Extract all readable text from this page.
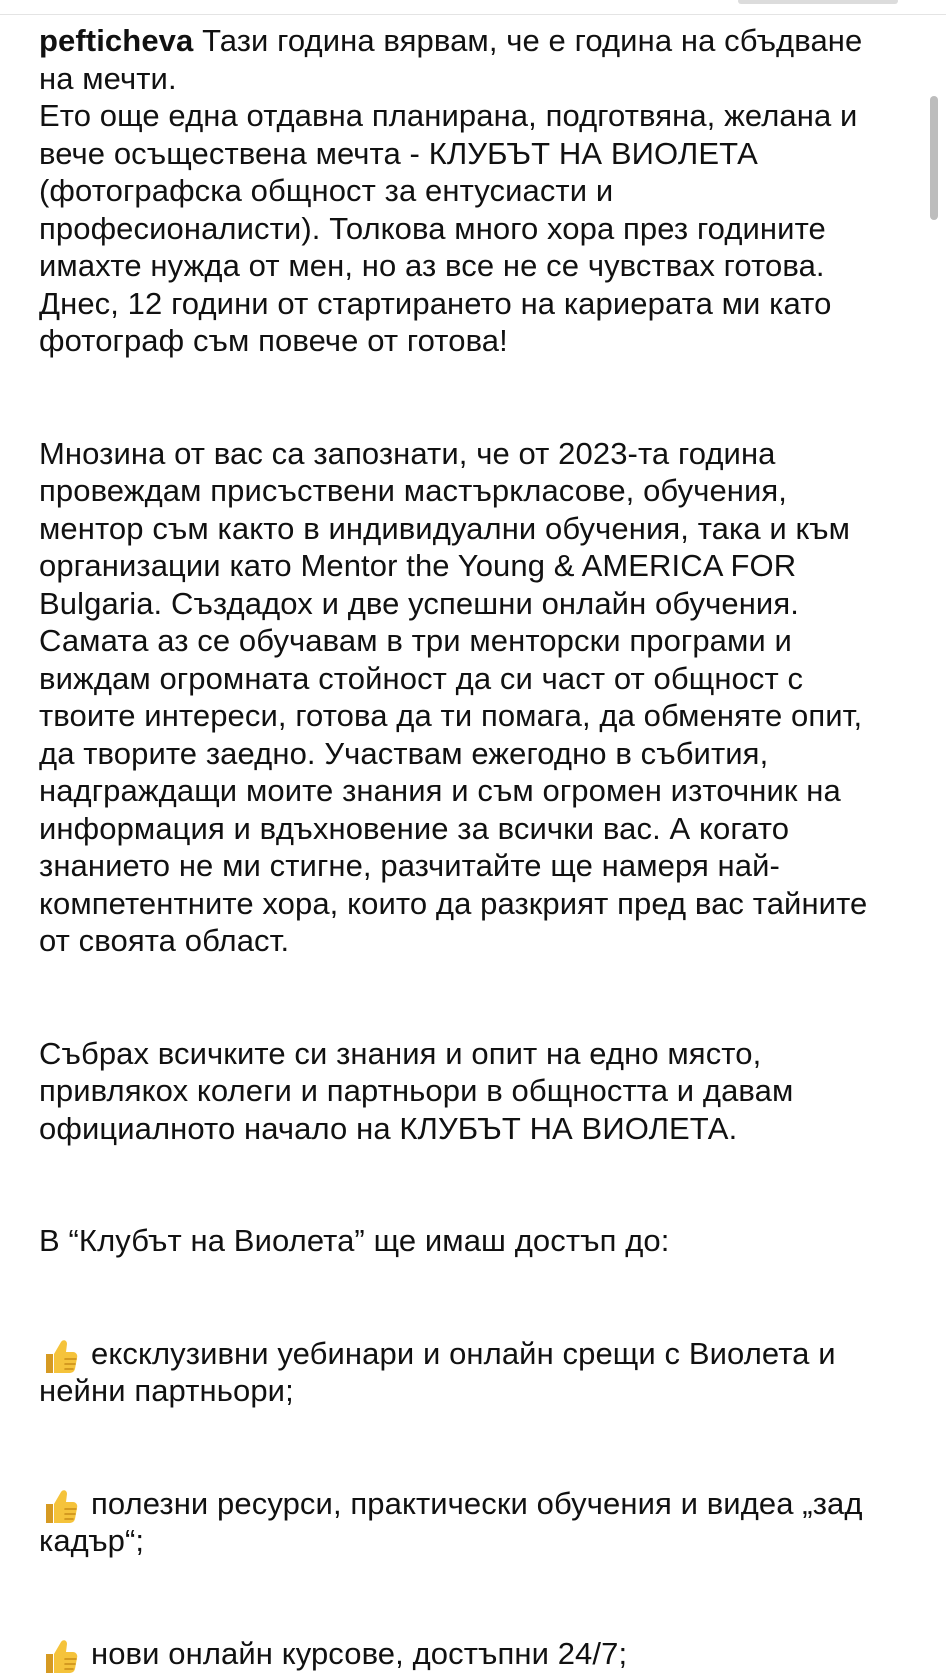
pefticheva Тази година вярвам, че е година на сбъдване на мечти.

Ето още една отдавна планирана, подготвяна, желана и вече осъществена мечта - КЛУБЪТ НА ВИОЛЕТА (фотографска общност за ентусиасти и професионалисти). Толкова много хора през годините имахте нужда от мен, но аз все не се чувствах готова. Днес, 12 години от стартирането на кариерата ми като фотограф съм повече от готова!

Мнозина от вас са запознати, че от 2023-та година провеждам присъствени мастъркласове, обучения, ментор съм както в индивидуални обучения, така и към организации като Mentor the Young & AMERICA FOR Bulgaria. Създадох и две успешни онлайн обучения. Самата аз се обучавам в три менторски програми и виждам огромната стойност да си част от общност с твоите интереси, готова да ти помага, да обменяте опит, да творите заедно. Участвам ежегодно в събития, надграждащи моите знания и съм огромен източник на информация и вдъхновение за всички вас. А когато знанието не ми стигне, разчитайте ще намеря най-компетентните хора, които да разкрият пред вас тайните от своята област.

Събрах всичките си знания и опит на едно място, привлякох колеги и партньори в общността и давам официалното начало на КЛУБЪТ НА ВИОЛЕТА.

В “Клубът на Виолета” ще имаш достъп до:

ексклузивни уебинари и онлайн срещи с Виолета и нейни партньори;

полезни ресурси, практически обучения и видеа „зад кадър“;

нови онлайн курсове, достъпни 24/7;
